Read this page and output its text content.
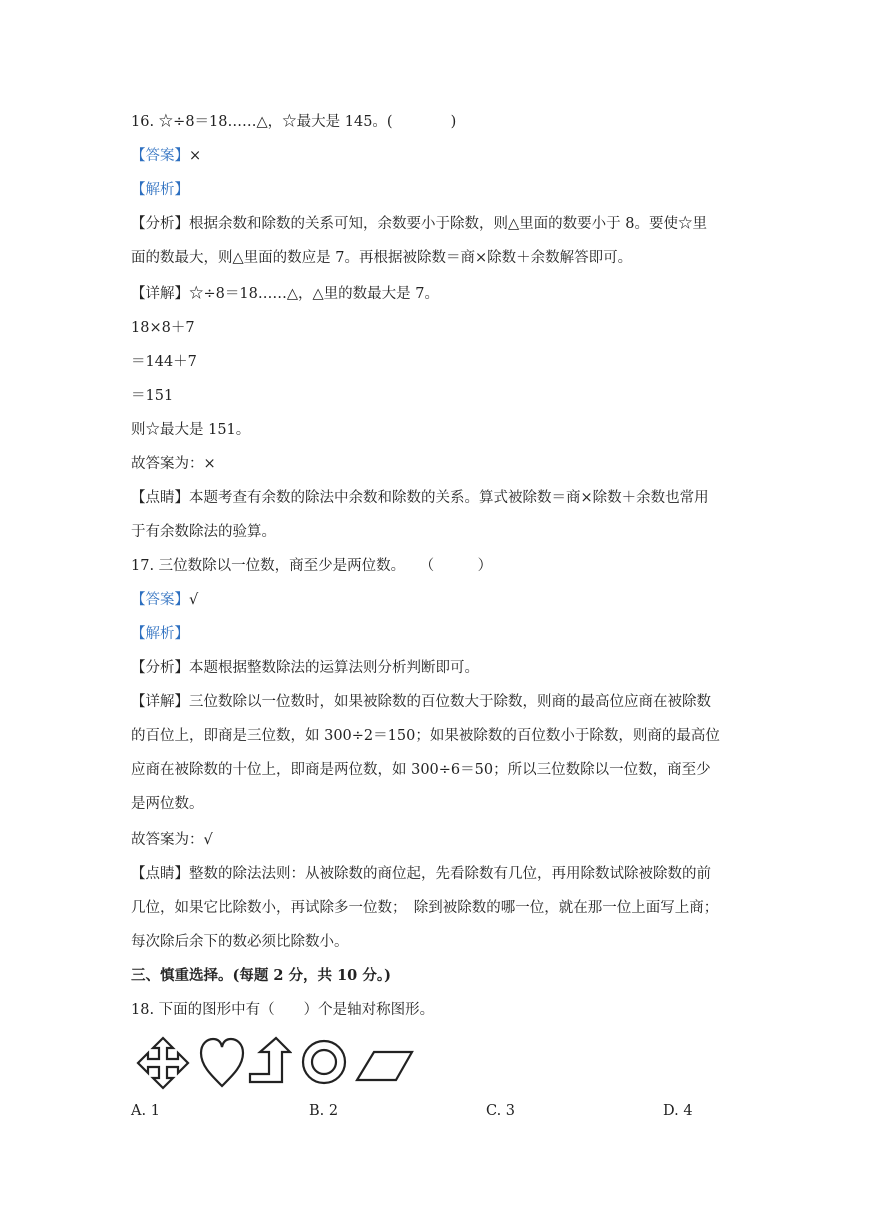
16. ☆÷8＝18……△，☆最大是 145。(　　　　)
【答案】×
【解析】
【分析】根据余数和除数的关系可知，余数要小于除数，则△里面的数要小于 8。要使☆里
面的数最大，则△里面的数应是 7。再根据被除数＝商×除数＋余数解答即可。
【详解】☆÷8＝18……△，△里的数最大是 7。
18×8＋7
＝144＋7
＝151
则☆最大是 151。
故答案为：×
【点睛】本题考查有余数的除法中余数和除数的关系。算式被除数＝商×除数＋余数也常用
于有余数除法的验算。
17. 三位数除以一位数，商至少是两位数。　　（　　　）
【答案】√
【解析】
【分析】本题根据整数除法的运算法则分析判断即可。
【详解】三位数除以一位数时，如果被除数的百位数大于除数，则商的最高位应商在被除数
的百位上，即商是三位数，如 300÷2＝150；如果被除数的百位数小于除数，则商的最高位
应商在被除数的十位上，即商是两位数，如 300÷6＝50；所以三位数除以一位数，商至少
是两位数。
故答案为：√
【点睛】整数的除法法则：从被除数的商位起，先看除数有几位，再用除数试除被除数的前
几位，如果它比除数小，再试除多一位数；　除到被除数的哪一位，就在那一位上面写上商；
每次除后余下的数必须比除数小。
三、慎重选择。(每题 2 分，共 10 分。)
18. 下面的图形中有（　　）个是轴对称图形。
A. 1	B. 2	C. 3	D. 4
